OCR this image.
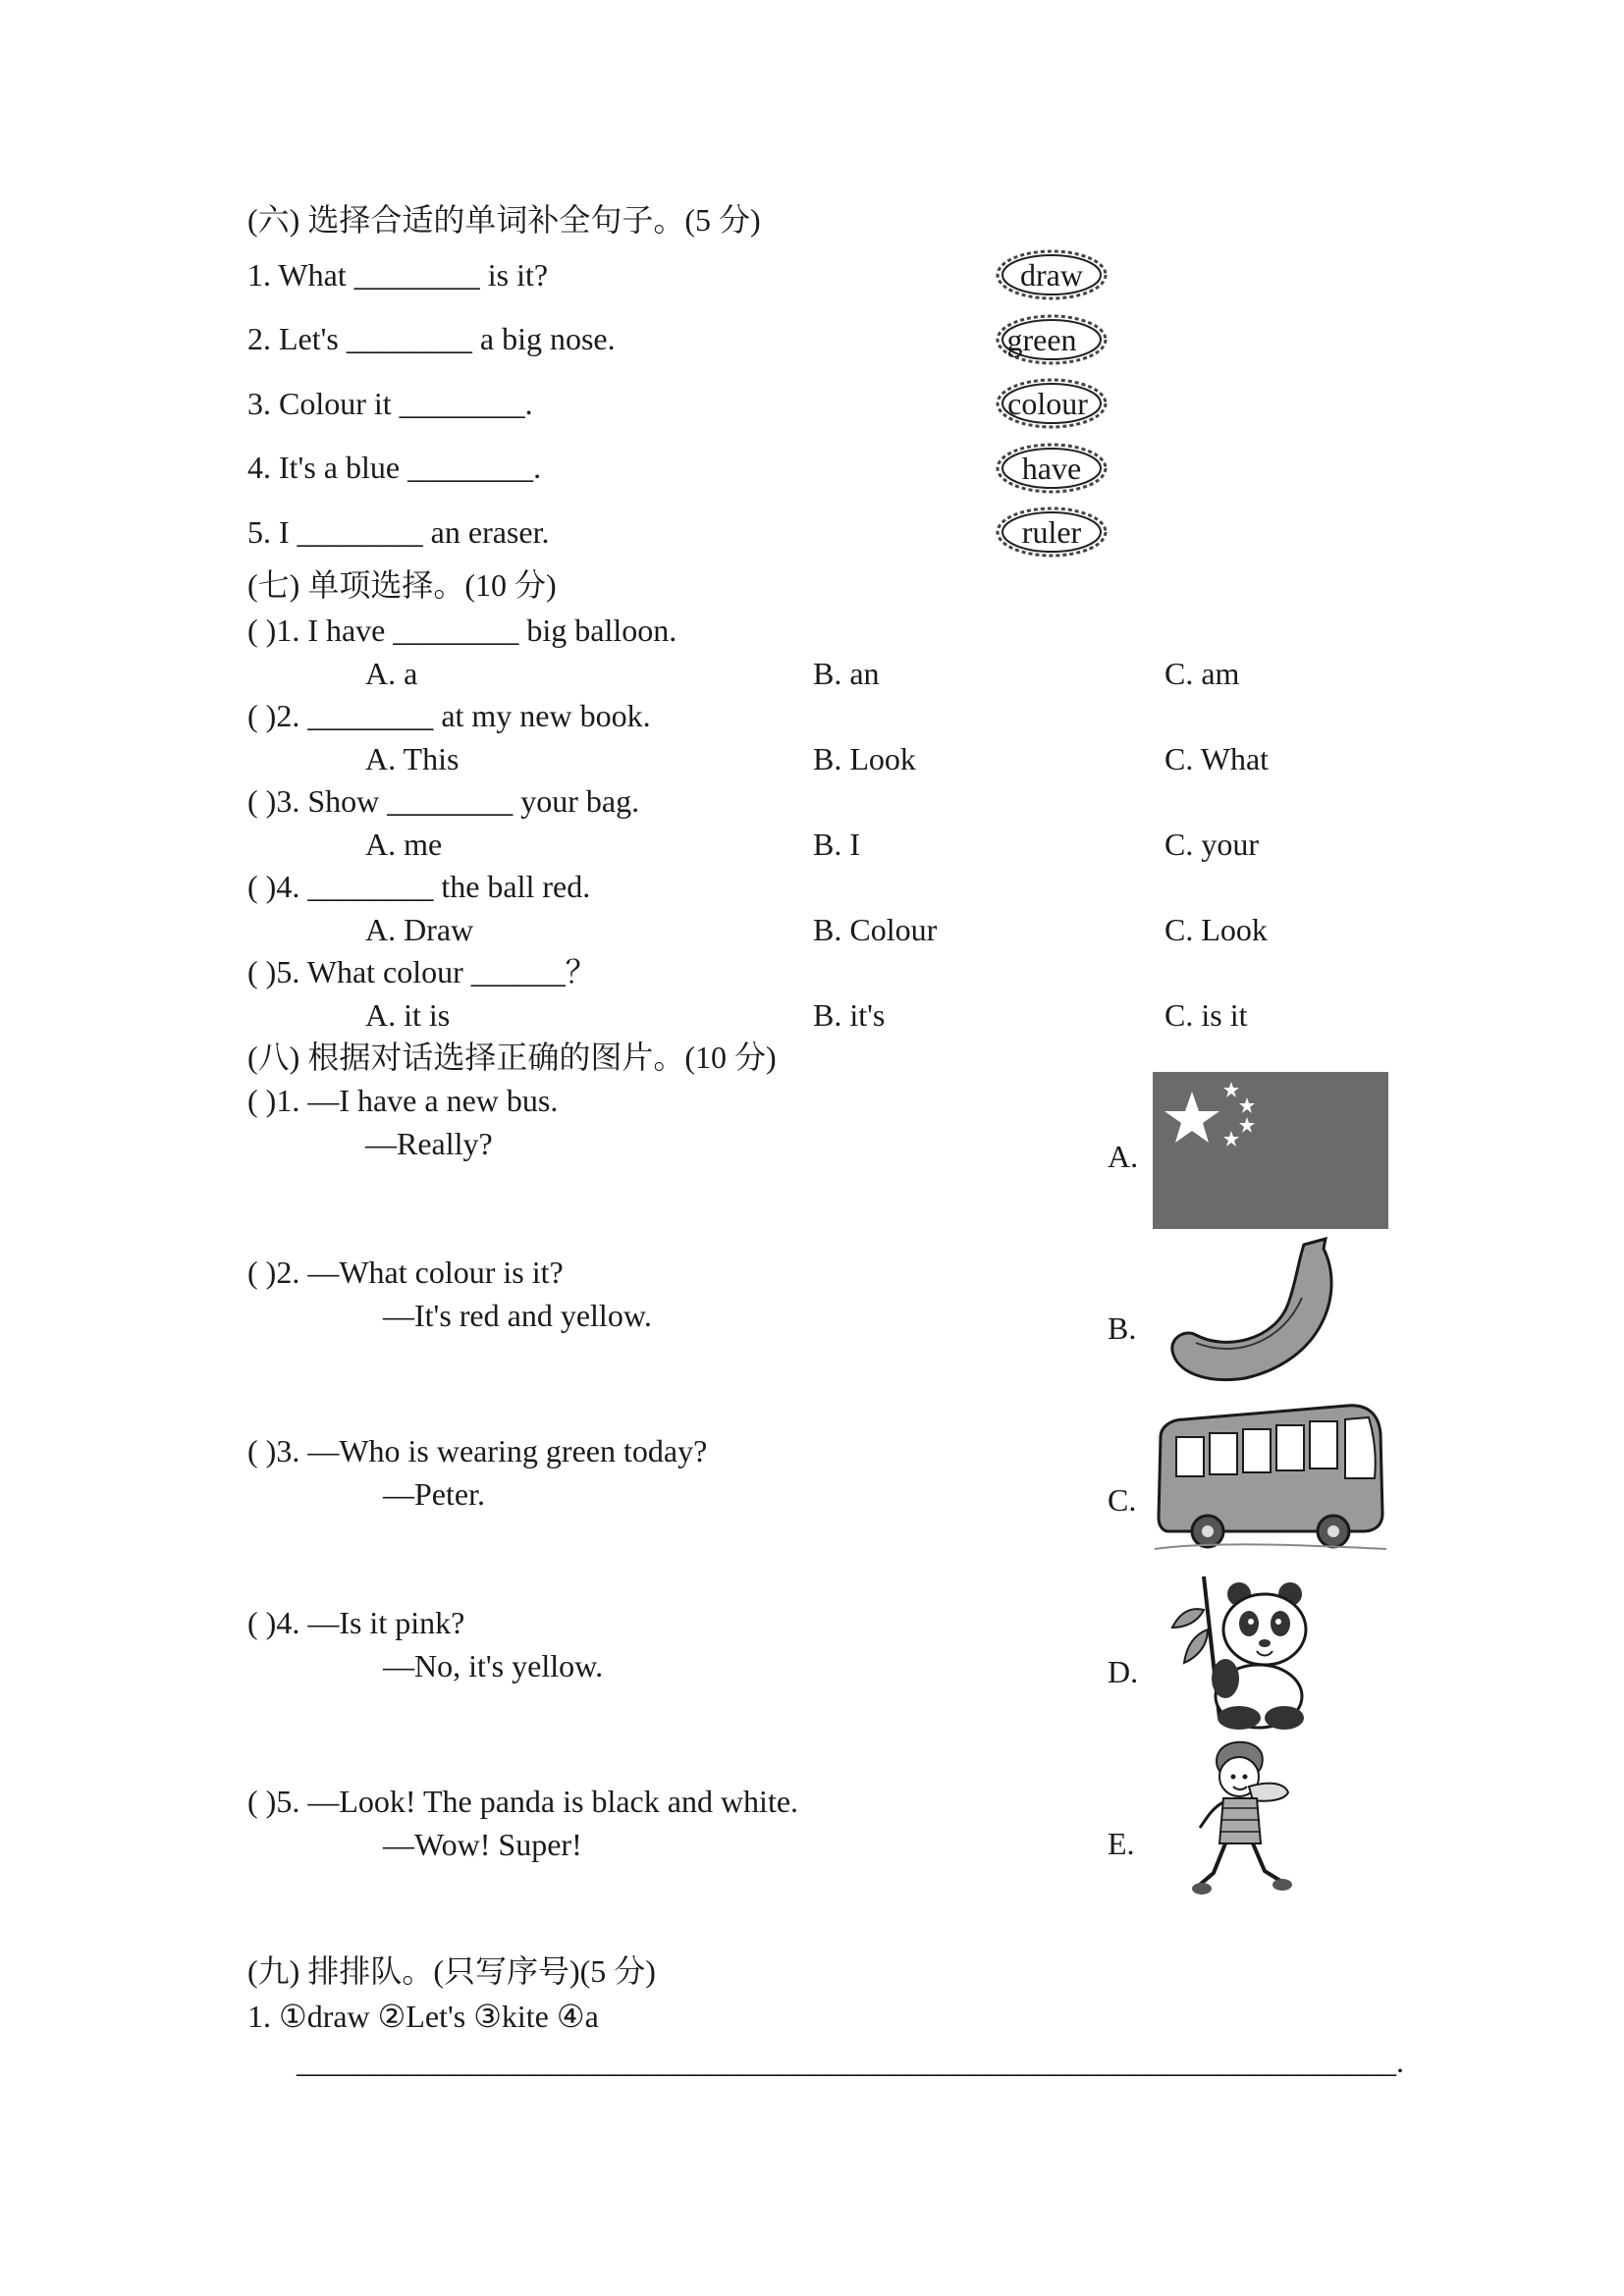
(六) 选择合适的单词补全句子。(5 分)
1. What ________ is it?
2. Let's ________ a big nose.
3. Colour it ________.
4. It's a blue ________.
5. I ________ an eraser.
draw
green
colour
have
ruler
(七) 单项选择。(10 分)
( )1. I have ________ big balloon.
A. a	B. an	C. am
( )2. ________ at my new book.
A. This	B. Look	C. What
( )3. Show ________ your bag.
A. me	B. I	C. your
( )4. ________ the ball red.
A. Draw	B. Colour	C. Look
( )5. What colour ______？
A. it is	B. it's	C. is it
(八) 根据对话选择正确的图片。(10 分)
( )1. —I have a new bus.
—Really?
( )2. —What colour is it?
—It's red and yellow.
( )3. —Who is wearing green today?
—Peter.
( )4. —Is it pink?
—No, it's yellow.
( )5. —Look! The panda is black and white.
—Wow! Super!
A.
B.
C.
D.
E.
(九) 排排队。(只写序号)(5 分)
1. ①draw ②Let's ③kite ④a
______________________________________________________________________.
